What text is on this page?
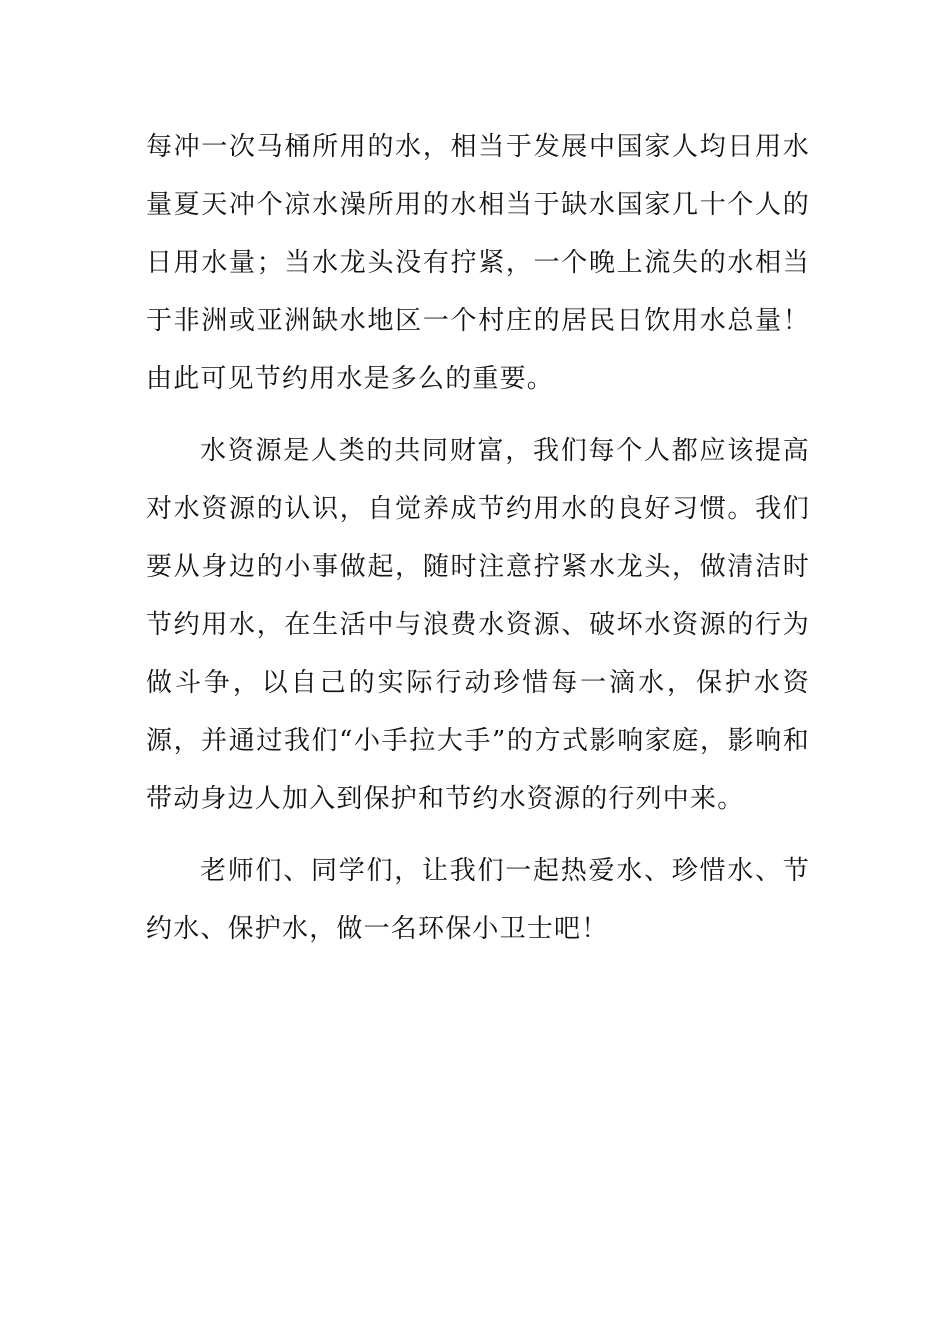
每冲一次马桶所用的水，相当于发展中国家人均日用水量夏天冲个凉水澡所用的水相当于缺水国家几十个人的日用水量；当水龙头没有拧紧，一个晚上流失的水相当于非洲或亚洲缺水地区一个村庄的居民日饮用水总量！由此可见节约用水是多么的重要。

水资源是人类的共同财富，我们每个人都应该提高对水资源的认识，自觉养成节约用水的良好习惯。我们要从身边的小事做起，随时注意拧紧水龙头，做清洁时节约用水，在生活中与浪费水资源、破坏水资源的行为做斗争，以自己的实际行动珍惜每一滴水，保护水资源，并通过我们“小手拉大手”的方式影响家庭，影响和带动身边人加入到保护和节约水资源的行列中来。

老师们、同学们，让我们一起热爱水、珍惜水、节约水、保护水，做一名环保小卫士吧！
